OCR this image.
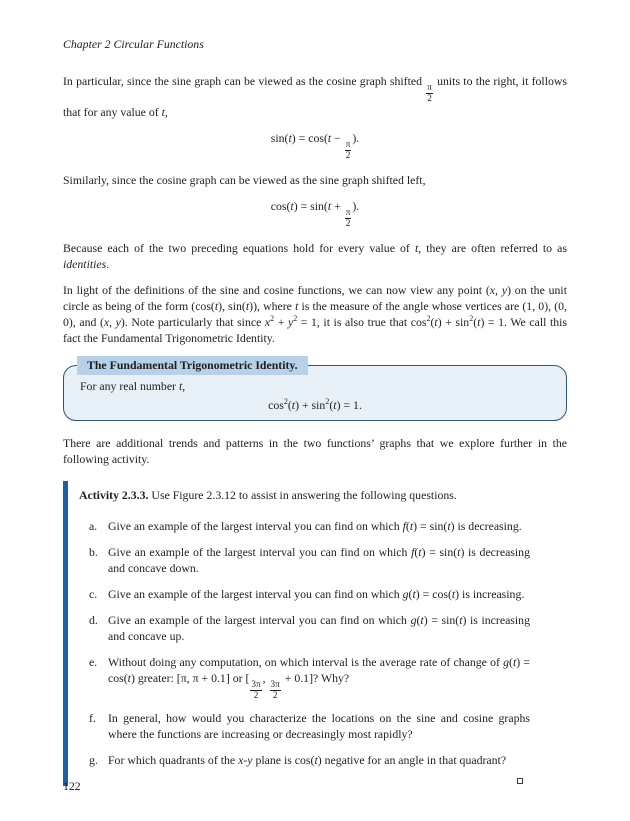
Chapter 2 Circular Functions

In particular, since the sine graph can be viewed as the cosine graph shifted
$\frac{\pi}{2}$
units to the right, it follows that for any value of t,

sin(t) = cos(t −
$\frac{\pi}{2}$
).

Similarly, since the cosine graph can be viewed as the sine graph shifted left,

cos(t) = sin(t +
$\frac{\pi}{2}$
).

Because each of the two preceding equations hold for every value of t, they are often referred to as identities.

In light of the definitions of the sine and cosine functions, we can now view any point (x, y) on the unit circle as being of the form (cos(t), sin(t)), where t is the measure of the angle whose vertices are (1, 0), (0, 0), and (x, y). Note particularly that since $x^2 + y^2 = 1$, it is also true that $\cos^2(t) + \sin^2(t) = 1$. We call this fact the Fundamental Trigonometric Identity.

The Fundamental Trigonometric Identity.
For any real number t,
$\cos^2(t) + \sin^2(t) = 1$.

There are additional trends and patterns in the two functions’ graphs that we explore further in the following activity.

Activity 2.3.3. Use Figure 2.3.12 to assist in answering the following questions.

a. Give an example of the largest interval you can find on which f(t) = sin(t) is decreasing.
b. Give an example of the largest interval you can find on which f(t) = sin(t) is decreasing and concave down.
c. Give an example of the largest interval you can find on which g(t) = cos(t) is increasing.
d. Give an example of the largest interval you can find on which g(t) = sin(t) is increasing and concave up.
e. Without doing any computation, on which interval is the average rate of change of g(t) = cos(t) greater: [π, π + 0.1] or [
$\frac{3\pi}{2}$
,
$\frac{3\pi}{2}$
+ 0.1]? Why?
f.	In general, how would you characterize the locations on the sine and cosine graphs where the functions are increasing or decreasingly most rapidly?
g. For which quadrants of the x-y plane is cos(t) negative for an angle in that quadrant?
122
